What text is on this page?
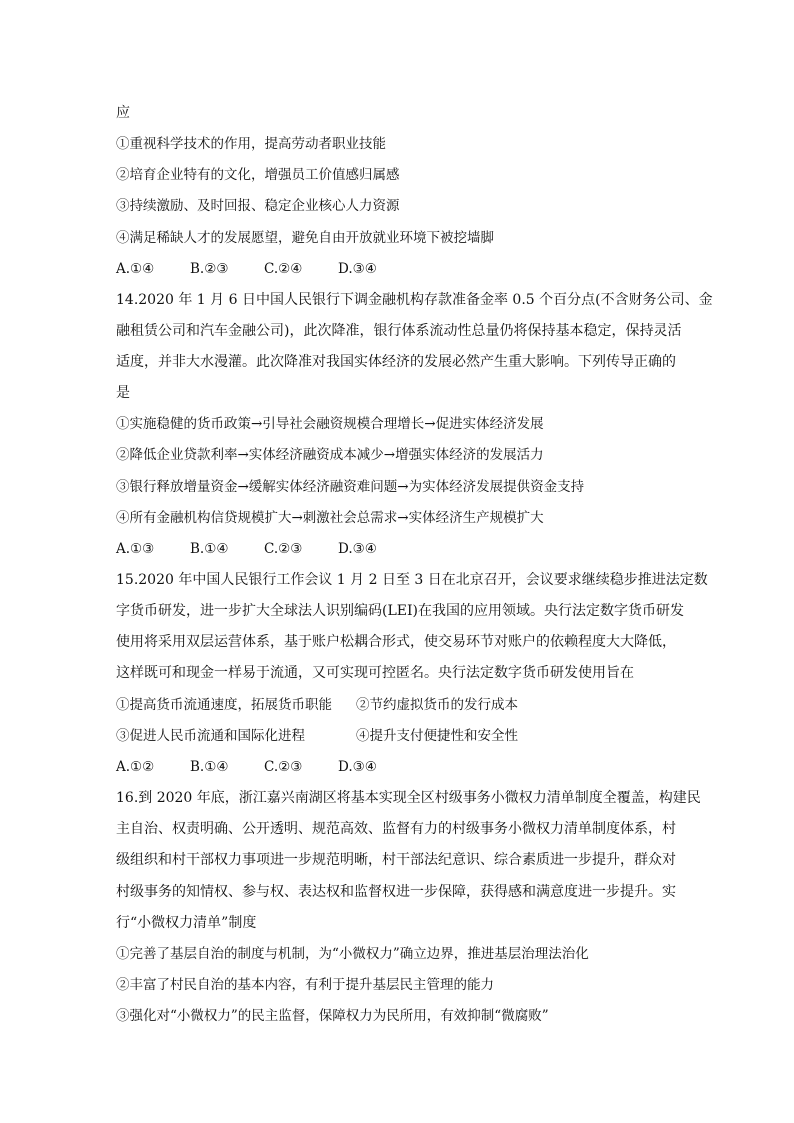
应
①重视科学技术的作用，提高劳动者职业技能
②培育企业特有的文化，增强员工价值感归属感
③持续激励、及时回报、稳定企业核心人力资源
④满足稀缺人才的发展愿望，避免自由开放就业环境下被挖墙脚
A.①④	B.②③	C.②④	D.③④
14.2020 年 1 月 6 日中国人民银行下调金融机构存款准备金率 0.5 个百分点(不含财务公司、金
融租赁公司和汽车金融公司)，此次降准，银行体系流动性总量仍将保持基本稳定，保持灵活
适度，并非大水漫灌。此次降准对我国实体经济的发展必然产生重大影响。下列传导正确的
是
①实施稳健的货币政策→引导社会融资规模合理增长→促进实体经济发展
②降低企业贷款利率→实体经济融资成本减少→增强实体经济的发展活力
③银行释放增量资金→缓解实体经济融资难问题→为实体经济发展提供资金支持
④所有金融机构信贷规模扩大→刺激社会总需求→实体经济生产规模扩大
A.①③	B.①④	C.②③	D.③④
15.2020 年中国人民银行工作会议 1 月 2 日至 3 日在北京召开，会议要求继续稳步推进法定数
字货币研发，进一步扩大全球法人识别编码(LEI)在我国的应用领域。央行法定数字货币研发
使用将采用双层运营体系，基于账户松耦合形式，使交易环节对账户的依赖程度大大降低，
这样既可和现金一样易于流通，又可实现可控匿名。央行法定数字货币研发使用旨在
①提高货币流通速度，拓展货币职能 ②节约虚拟货币的发行成本
③促进人民币流通和国际化进程	④提升支付便捷性和安全性
A.①②	B.①④	C.②③	D.③④
16.到 2020 年底，浙江嘉兴南湖区将基本实现全区村级事务小微权力清单制度全覆盖，构建民
主自治、权责明确、公开透明、规范高效、监督有力的村级事务小微权力清单制度体系，村
级组织和村干部权力事项进一步规范明晰，村干部法纪意识、综合素质进一步提升，群众对
村级事务的知情权、参与权、表达权和监督权进一步保障，获得感和满意度进一步提升。实
行“小微权力清单”制度
①完善了基层自治的制度与机制，为“小微权力”确立边界，推进基层治理法治化
②丰富了村民自治的基本内容，有利于提升基层民主管理的能力
③强化对“小微权力”的民主监督，保障权力为民所用，有效抑制“微腐败”
